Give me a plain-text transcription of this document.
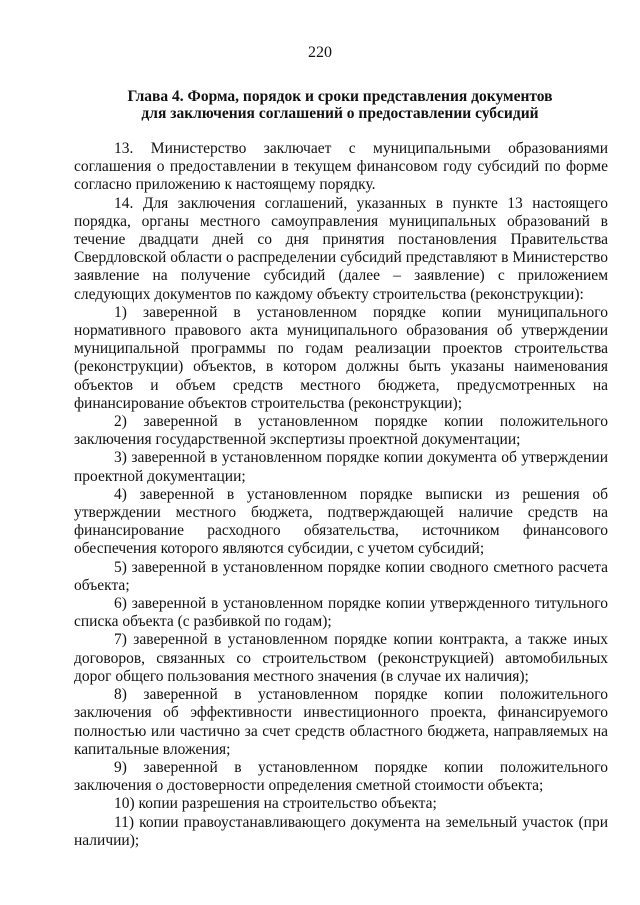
220
Глава 4. Форма, порядок и сроки представления документов
для заключения соглашений о предоставлении субсидий

13. Министерство заключает с муниципальными образованиями соглашения о предоставлении в текущем финансовом году субсидий по форме согласно приложению к настоящему порядку.

14. Для заключения соглашений, указанных в пункте 13 настоящего порядка, органы местного самоуправления муниципальных образований в течение двадцати дней со дня принятия постановления Правительства Свердловской области о распределении субсидий представляют в Министерство заявление на получение субсидий (далее – заявление) с приложением следующих документов по каждому объекту строительства (реконструкции):

1) заверенной в установленном порядке копии муниципального нормативного правового акта муниципального образования об утверждении муниципальной программы по годам реализации проектов строительства (реконструкции) объектов, в котором должны быть указаны наименования объектов и объем средств местного бюджета, предусмотренных на финансирование объектов строительства (реконструкции);

2) заверенной в установленном порядке копии положительного заключения государственной экспертизы проектной документации;

3) заверенной в установленном порядке копии документа об утверждении проектной документации;

4) заверенной в установленном порядке выписки из решения об утверждении местного бюджета, подтверждающей наличие средств на финансирование расходного обязательства, источником финансового обеспечения которого являются субсидии, с учетом субсидий;

5) заверенной в установленном порядке копии сводного сметного расчета объекта;

6) заверенной в установленном порядке копии утвержденного титульного списка объекта (с разбивкой по годам);

7) заверенной в установленном порядке копии контракта, а также иных договоров, связанных со строительством (реконструкцией) автомобильных дорог общего пользования местного значения (в случае их наличия);

8) заверенной в установленном порядке копии положительного заключения об эффективности инвестиционного проекта, финансируемого полностью или частично за счет средств областного бюджета, направляемых на капитальные вложения;

9) заверенной в установленном порядке копии положительного заключения о достоверности определения сметной стоимости объекта;

10) копии разрешения на строительство объекта;

11) копии правоустанавливающего документа на земельный участок (при наличии);
